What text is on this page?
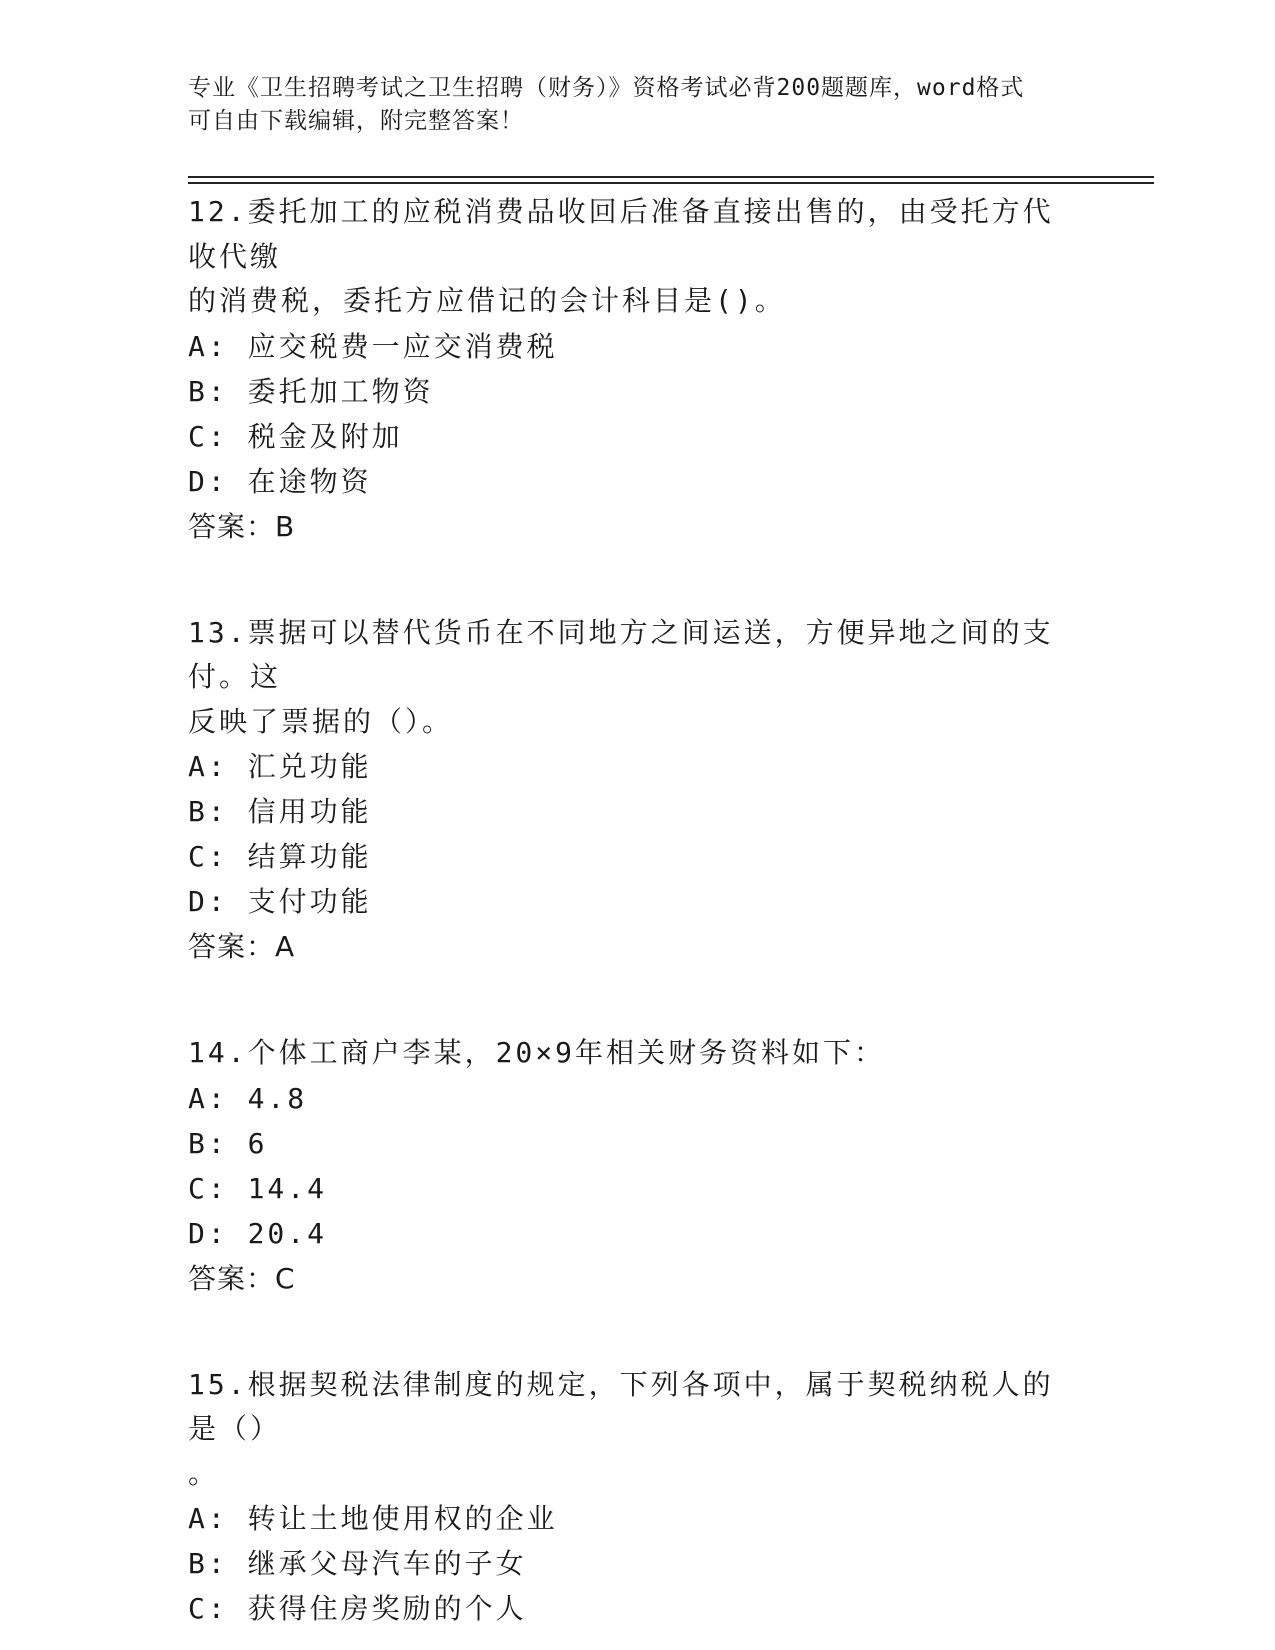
专业《卫生招聘考试之卫生招聘（财务）》资格考试必背200题题库，word格式
可自由下载编辑，附完整答案！

12.委托加工的应税消费品收回后准备直接出售的，由受托方代收代缴
的消费税，委托方应借记的会计科目是()。

A: 应交税费一应交消费税

B: 委托加工物资

C: 税金及附加

D: 在途物资

答案：B

13.票据可以替代货币在不同地方之间运送，方便异地之间的支付。这
反映了票据的（）。

A: 汇兑功能

B: 信用功能

C: 结算功能

D: 支付功能

答案：A

14.个体工商户李某，20×9年相关财务资料如下：

A: 4.8

B: 6

C: 14.4

D: 20.4

答案：C

15.根据契税法律制度的规定，下列各项中，属于契税纳税人的是（）
。

A: 转让土地使用权的企业

B: 继承父母汽车的子女

C: 获得住房奖励的个人
